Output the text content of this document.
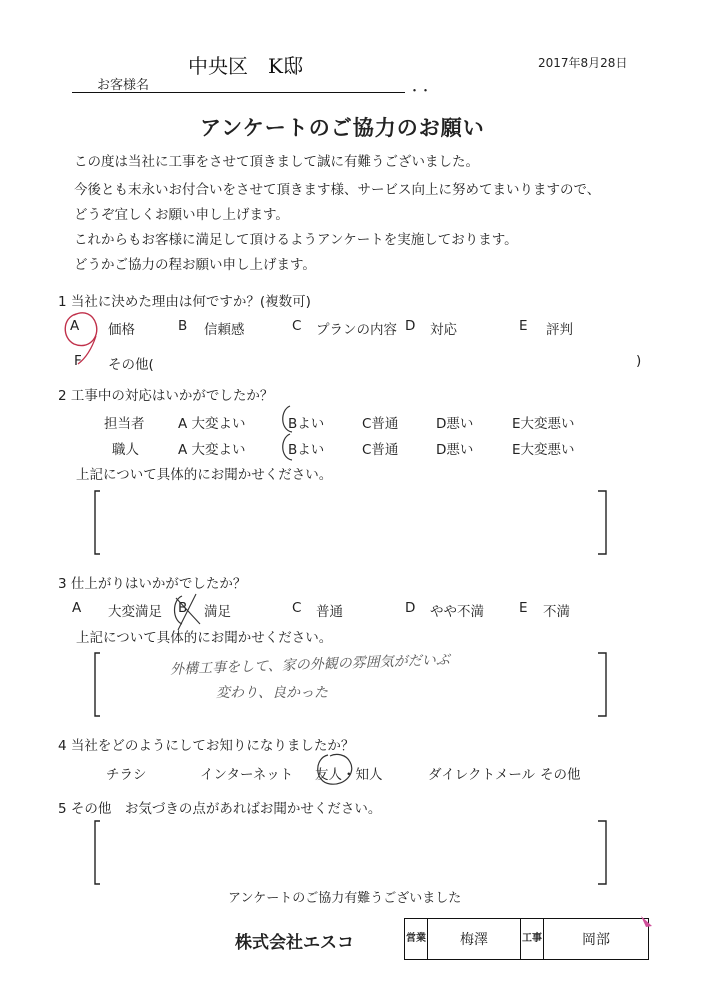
中央区　K邸
お客様名	・・
2017年8月28日
アンケートのご協力のお願い
この度は当社に工事をさせて頂きまして誠に有難うございました。
今後とも末永いお付合いをさせて頂きます様、サービス向上に努めてまいりますので、
どうぞ宜しくお願い申し上げます。
これからもお客様に満足して頂けるようアンケートを実施しております。
どうかご協力の程お願い申し上げます。
1 当社に決めた理由は何ですか？(複数可)
A 価格	B 信頼感	C プランの内容 D 対応	E 評判
F その他(	)
2 工事中の対応はいかがでしたか？
担当者 A 大変よい	Bよい	C普通	D悪い	E大変悪い
職人	A 大変よい	Bよい	C普通	D悪い	E大変悪い
上記について具体的にお聞かせください。
3 仕上がりはいかがでしたか？
A 大変満足 B 満足	C 普通	D やや不満	E 不満
上記について具体的にお聞かせください。
外構工事をして、家の外観の雰囲気がだいぶ
変わり、良かった
4 当社をどのようにしてお知りになりましたか？
チラシ	インターネット 友人・知人	ダイレクトメール その他
5 その他　お気づきの点があればお聞かせください。
アンケートのご協力有難うございました
株式会社エスコ	営業	梅澤	工事	岡部
